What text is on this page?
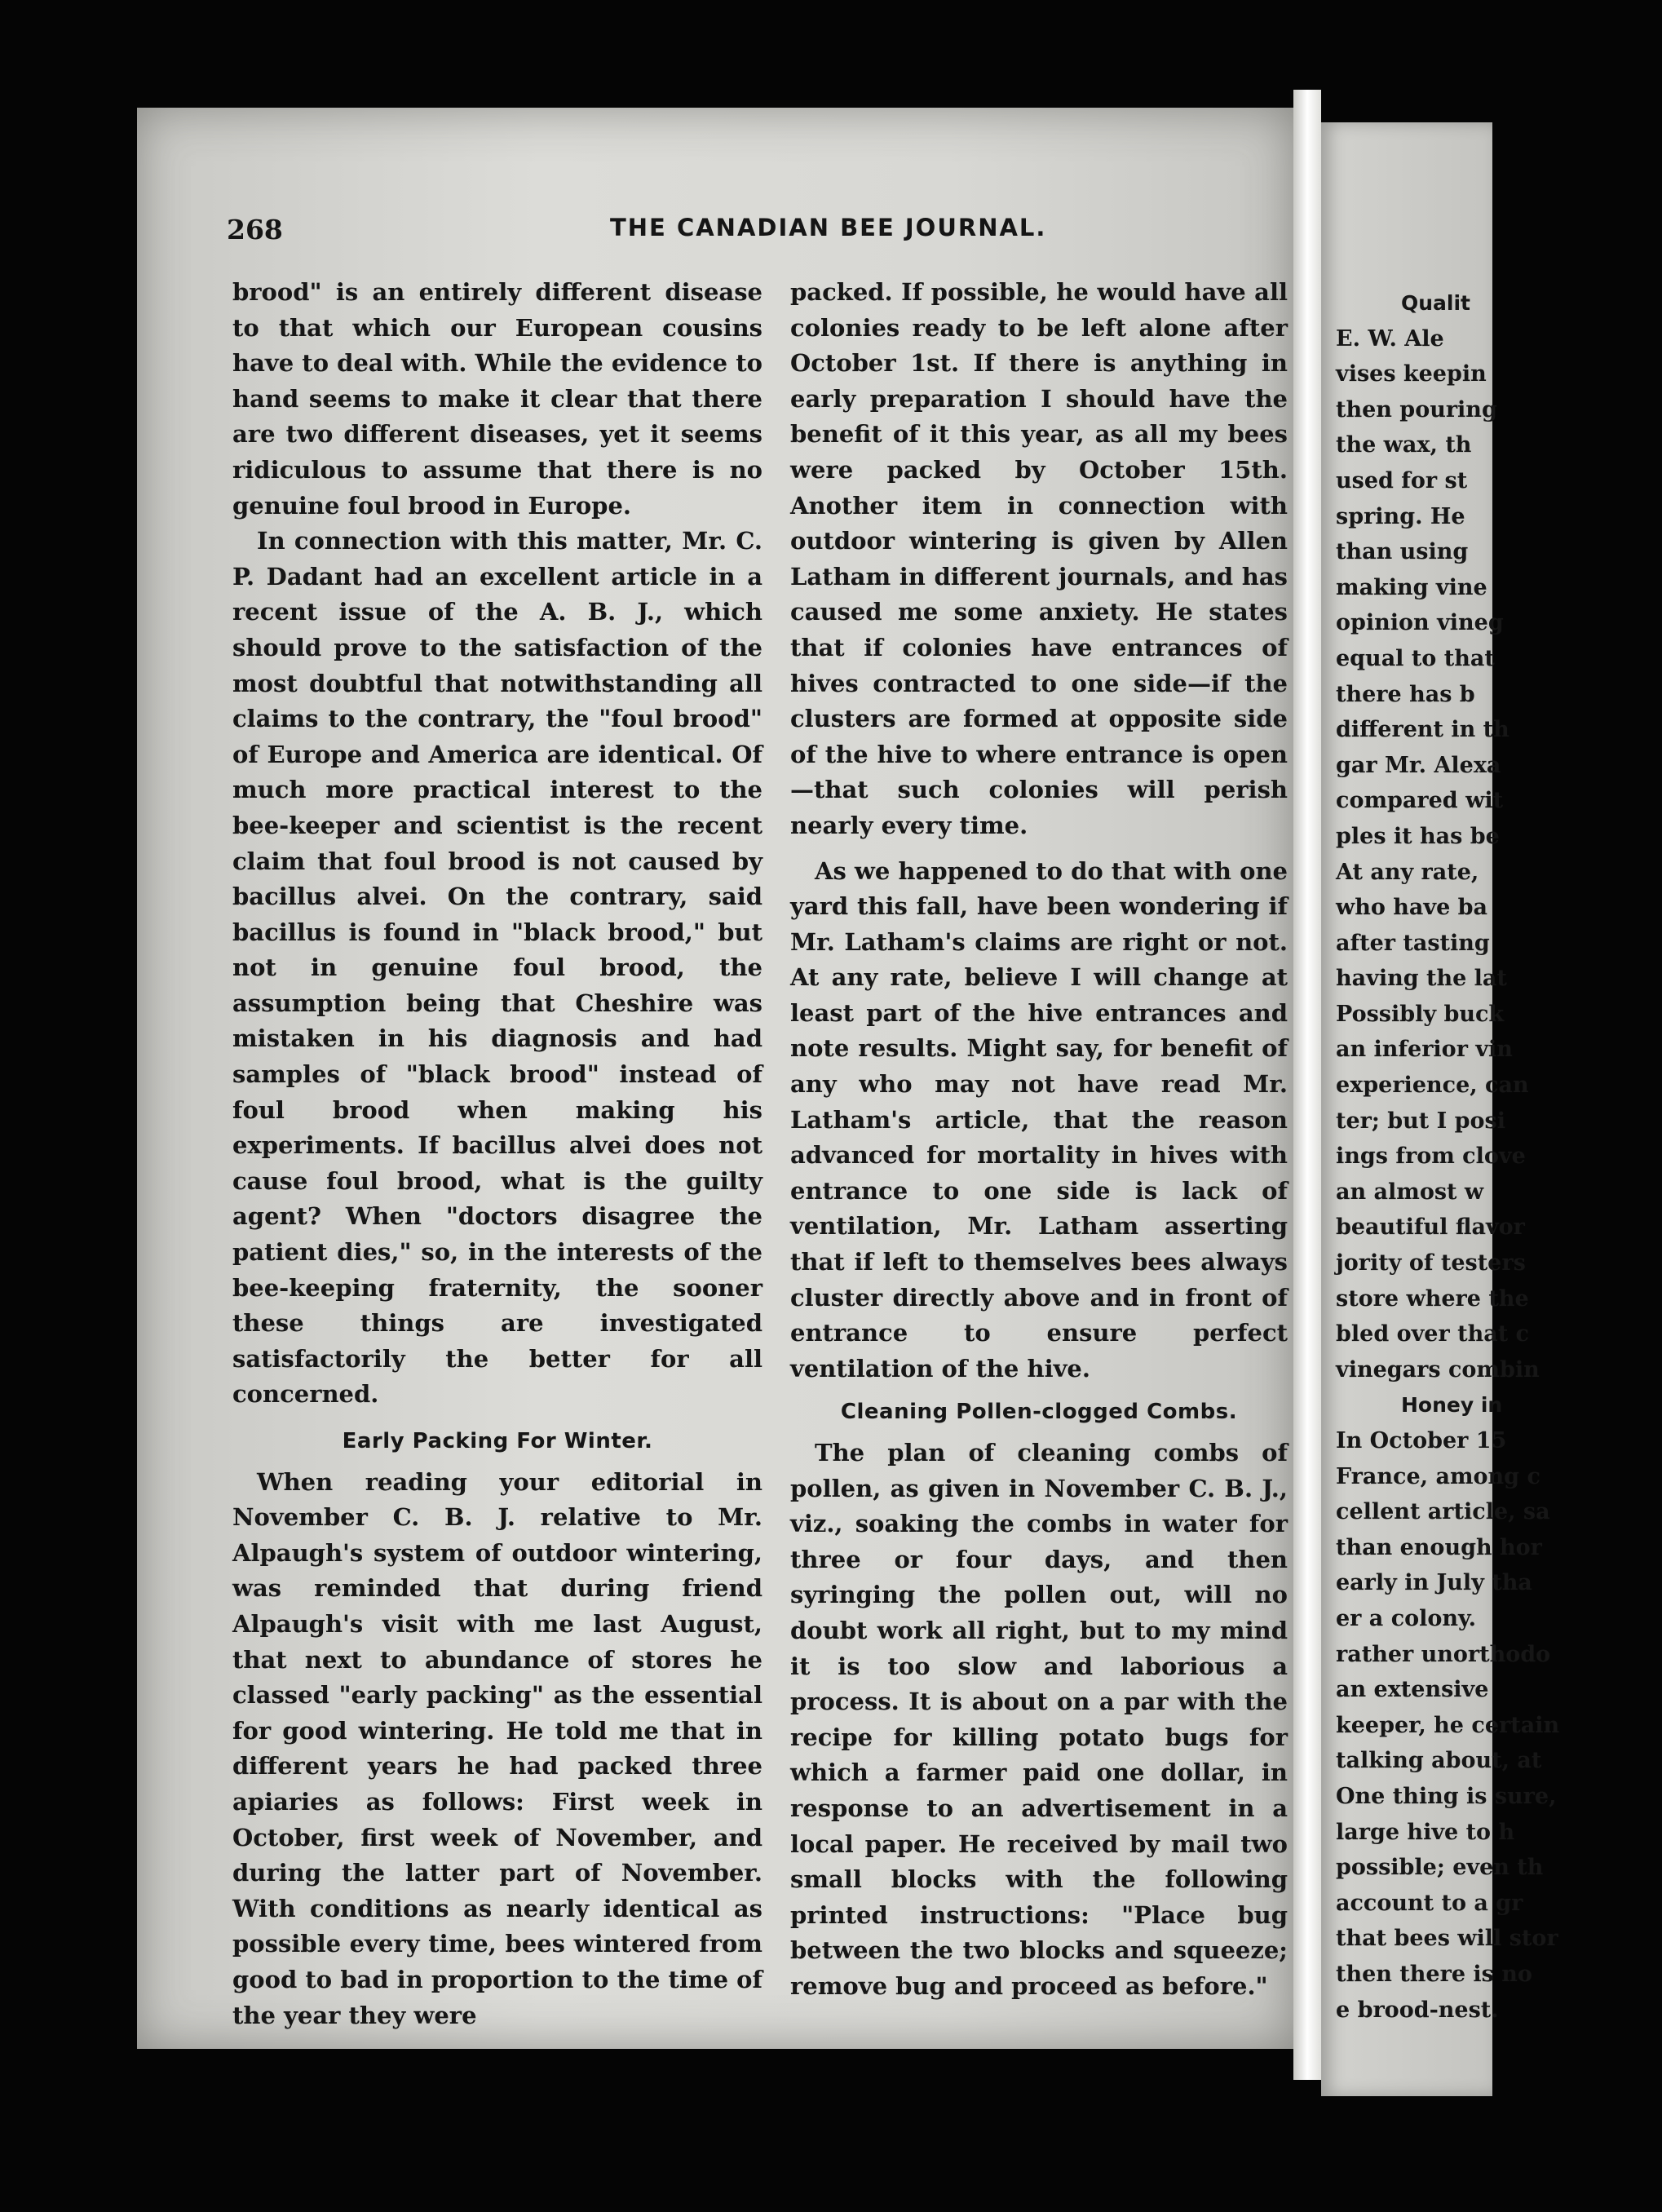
268	THE CANADIAN BEE JOURNAL.

brood" is an entirely different disease to that which our European cousins have to deal with. While the evidence to hand seems to make it clear that there are two different diseases, yet it seems ridiculous to assume that there is no genuine foul brood in Europe.

In connection with this matter, Mr. C. P. Dadant had an excellent article in a recent issue of the A. B. J., which should prove to the satisfaction of the most doubtful that notwithstanding all claims to the contrary, the "foul brood" of Europe and America are identical. Of much more practical interest to the bee-keeper and scientist is the recent claim that foul brood is not caused by bacillus alvei. On the contrary, said bacillus is found in "black brood," but not in genuine foul brood, the assumption being that Cheshire was mistaken in his diagnosis and had samples of "black brood" instead of foul brood when making his experiments. If bacillus alvei does not cause foul brood, what is the guilty agent? When "doctors disagree the patient dies," so, in the interests of the bee-keeping fraternity, the sooner these things are investigated satisfactorily the better for all concerned.

Early Packing For Winter.

When reading your editorial in November C. B. J. relative to Mr. Alpaugh's system of outdoor wintering, was reminded that during friend Alpaugh's visit with me last August, that next to abundance of stores he classed "early packing" as the essential for good wintering. He told me that in different years he had packed three apiaries as follows: First week in October, first week of November, and during the latter part of November. With conditions as nearly identical as possible every time, bees wintered from good to bad in proportion to the time of the year they were

packed. If possible, he would have all colonies ready to be left alone after October 1st. If there is anything in early preparation I should have the benefit of it this year, as all my bees were packed by October 15th. Another item in connection with outdoor wintering is given by Allen Latham in different journals, and has caused me some anxiety. He states that if colonies have entrances of hives contracted to one side—if the clusters are formed at opposite side of the hive to where entrance is open—that such colonies will perish nearly every time.

As we happened to do that with one yard this fall, have been wondering if Mr. Latham's claims are right or not. At any rate, believe I will change at least part of the hive entrances and note results. Might say, for benefit of any who may not have read Mr. Latham's article, that the reason advanced for mortality in hives with entrance to one side is lack of ventilation, Mr. Latham asserting that if left to themselves bees always cluster directly above and in front of entrance to ensure perfect ventilation of the hive.

Cleaning Pollen-clogged Combs.

The plan of cleaning combs of pollen, as given in November C. B. J., viz., soaking the combs in water for three or four days, and then syringing the pollen out, will no doubt work all right, but to my mind it is too slow and laborious a process. It is about on a par with the recipe for killing potato bugs for which a farmer paid one dollar, in response to an advertisement in a local paper. He received by mail two small blocks with the following printed instructions: "Place bug between the two blocks and squeeze; remove bug and proceed as before."

Qualit
E. W. Ale
vises keepin
then pouring
the wax, th
used for st
spring. He
than using
making vine
opinion vineg
equal to that
there has b
different in th
gar Mr. Alexa
compared wit
ples it has be
At any rate,
who have ba
after tasting
having the lat
Possibly buck
an inferior vin
experience, can
ter; but I posi
ings from clove
an almost w
beautiful flavor
jority of testers
store where the
bled over that c
vinegars combin
Honey in
In October 15
France, among c
cellent article, sa
than enough hor
early in July tha
er a colony.
rather unorthodo
an extensive
keeper, he certain
talking about, at
One thing is sure,
large hive to h
possible; even th
account to a gr
that bees will stor
then there is no
e brood-nest.
